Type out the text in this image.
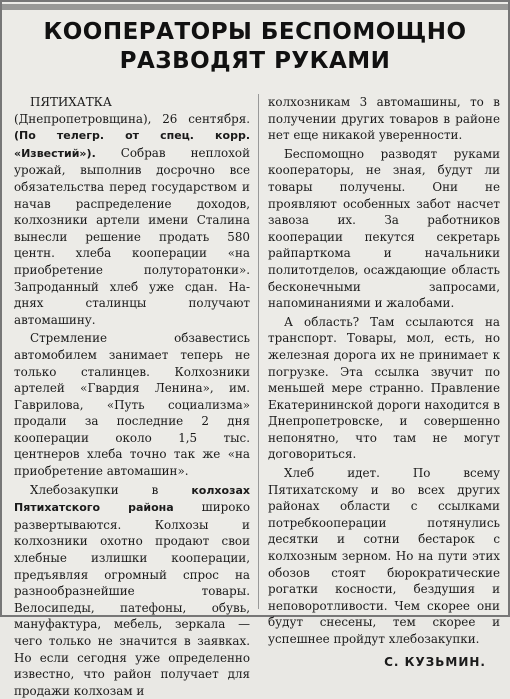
КООПЕРАТОРЫ БЕСПОМОЩНО
РАЗВОДЯТ РУКАМИ

ПЯТИХАТКА (Днепропетровщина), 26 сентября. (По телегр. от спец. корр. «Известий»). Собрав неплохой урожай, выполнив досрочно все обязательства перед государством и начав распределение доходов, колхозники артели имени Сталина вынесли решение продать 580 центн. хлеба кооперации «на приобретение полуторатонки». Запроданный хлеб уже сдан. На-днях сталинцы получают автомашину.

Стремление обзавестись автомобилем занимает теперь не только сталинцев. Колхозники артелей «Гвардия Ленина», им. Гаврилова, «Путь социализма» продали за последние 2 дня кооперации около 1,5 тыс. центнеров хлеба точно так же «на приобретение автомашин».

Хлебозакупки в	колхозах Пятихатского района широко развертываются. Колхозы и колхозники охотно продают свои хлебные излишки кооперации, предъявляя огромный спрос на разнообразнейшие товары. Велосипеды, патефоны, обувь, мануфактура, мебель, зеркала — чего только не значится в заявках. Но если сегодня уже определенно известно, что район получает для продажи колхозам и

колхозникам 3 автомашины, то в получении других товаров в районе нет еще никакой уверенности.

Беспомощно разводят руками кооператоры, не зная, будут ли товары получены. Они не проявляют особенных забот насчет завоза их. За работников кооперации пекутся секретарь райпарткома и начальники политотделов, осаждающие область бесконечными запросами, напоминаниями и жалобами.

А область? Там ссылаются на транспорт. Товары, мол, есть, но железная дорога их не принимает к погрузке. Эта ссылка звучит по меньшей мере странно. Правление Екатерининской дороги находится в Днепропетровске, и совершенно непонятно, что там не могут договориться.

Хлеб идет. По всему Пятихатскому и во всех других районах области с ссылками потребкооперации потянулись десятки и сотни бестарок с колхозным зерном. Но на пути этих обозов стоят бюрократические рогатки косности, бездушия и неповоротливости. Чем скорее они будут снесены, тем скорее и успешнее пройдут хлебозакупки.

С. КУЗЬМИН.
